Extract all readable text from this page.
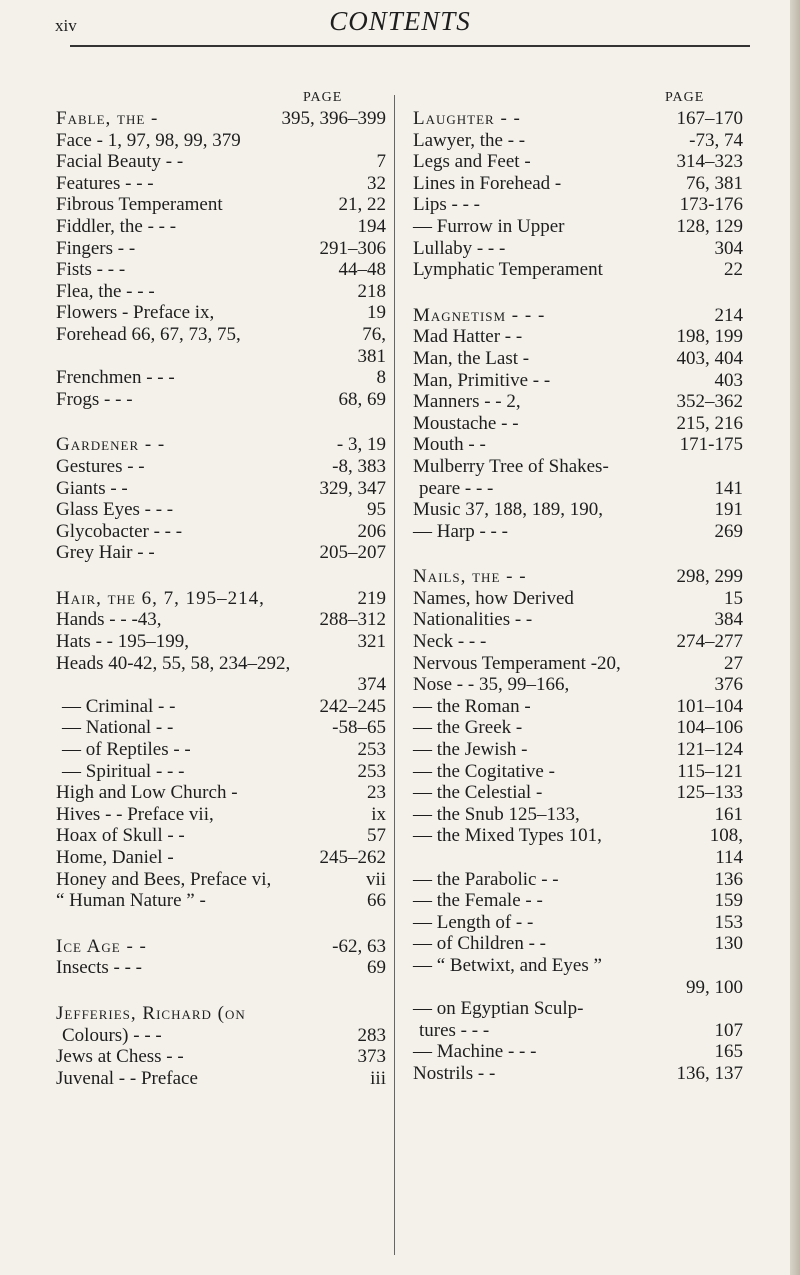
xiv	CONTENTS
PAGE	PAGE
Fable, the -	395, 396–399
Face - 1, 97, 98, 99, 379
Facial Beauty - -	7
Features - - -	32
Fibrous Temperament	21, 22
Fiddler, the - - -	194
Fingers - -	291–306
Fists - - -	44–48
Flea, the - - -	218
Flowers - Preface ix,	19
Forehead 66, 67, 73, 75,	76,
381
Frenchmen - - -	8
Frogs - - -	68, 69
Gardener - -	- 3, 19
Gestures - -	-8, 383
Giants - -	329, 347
Glass Eyes - - -	95
Glycobacter - - -	206
Grey Hair - -	205–207
Hair, the 6, 7, 195–214,	219
Hands - - -43,	288–312
Hats - - 195–199,	321
Heads 40-42, 55, 58, 234–292,
374
— Criminal - -	242–245
— National - -	-58–65
— of Reptiles - -	253
— Spiritual - - -	253
High and Low Church -	23
Hives - - Preface vii,	ix
Hoax of Skull - -	57
Home, Daniel -	245–262
Honey and Bees, Preface vi,	vii
“ Human Nature ” -	66
Ice Age - -	-62, 63
Insects - - -	69
Jefferies, Richard (on
Colours) - - -	283
Jews at Chess - -	373
Juvenal - - Preface	iii
Laughter - -	167–170
Lawyer, the - -	-73, 74
Legs and Feet -	314–323
Lines in Forehead -	76, 381
Lips - - -	173-176
— Furrow in Upper	128, 129
Lullaby - - -	304
Lymphatic Temperament	22
Magnetism - - -	214
Mad Hatter - -	198, 199
Man, the Last -	403, 404
Man, Primitive - -	403
Manners - - 2,	352–362
Moustache - -	215, 216
Mouth - -	171-175
Mulberry Tree of Shakes-
peare - - -	141
Music 37, 188, 189, 190,	191
— Harp - - -	269
Nails, the - -	298, 299
Names, how Derived	15
Nationalities - -	384
Neck - - -	274–277
Nervous Temperament -20,	27
Nose - - 35, 99–166,	376
— the Roman -	101–104
— the Greek -	104–106
— the Jewish -	121–124
— the Cogitative -	115–121
— the Celestial -	125–133
— the Snub 125–133,	161
— the Mixed Types 101,	108,
114
— the Parabolic - -	136
— the Female - -	159
— Length of - -	153
— of Children - -	130
— “ Betwixt, and Eyes ”
99, 100
— on Egyptian Sculp-
tures - - -	107
— Machine - - -	165
Nostrils - -	136, 137
